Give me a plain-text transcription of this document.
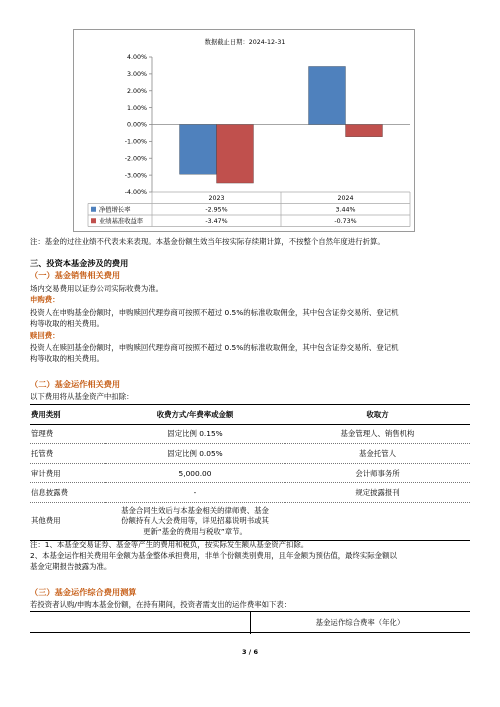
数据截止日期：2024-12-31
4.00%
3.00%
2.00%
1.00%
0.00%
-1.00%
-2.00%
-3.00%
-4.00%
2023	2024
净值增长率	-2.95%	3.44%
业绩基准收益率	-3.47%	-0.73%
注：基金的过往业绩不代表未来表现。本基金份额生效当年按实际存续期计算，不按整个自然年度进行折算。
三、投资本基金涉及的费用
（一）基金销售相关费用
场内交易费用以证券公司实际收费为准。
申购费：
投资人在申购基金份额时，申购赎回代理券商可按照不超过 0.5%的标准收取佣金，其中包含证券交易所、登记机
构等收取的相关费用。
赎回费：
投资人在赎回基金份额时，申购赎回代理券商可按照不超过 0.5%的标准收取佣金，其中包含证券交易所、登记机
构等收取的相关费用。
（二）基金运作相关费用
以下费用将从基金资产中扣除：
费用类别	收费方式/年费率或金额	收取方
管理费	固定比例 0.15%	基金管理人、销售机构
托管费	固定比例 0.05%	基金托管人
审计费用	5,000.00	会计师事务所
信息披露费	-	规定披露报刊
其他费用	基金合同生效后与本基金相关的律师费、基金
份额持有人大会费用等，详见招募说明书或其
更新“基金的费用与税收”章节。	

注：1、本基金交易证券、基金等产生的费用和税负，按实际发生额从基金资产扣除。
2、本基金运作相关费用年金额为基金整体承担费用，非单个份额类别费用，且年金额为预估值，最终实际金额以
基金定期报告披露为准。
（三）基金运作综合费用测算
若投资者认购/申购本基金份额，在持有期间，投资者需支出的运作费率如下表：
基金运作综合费率（年化）
3 / 6
